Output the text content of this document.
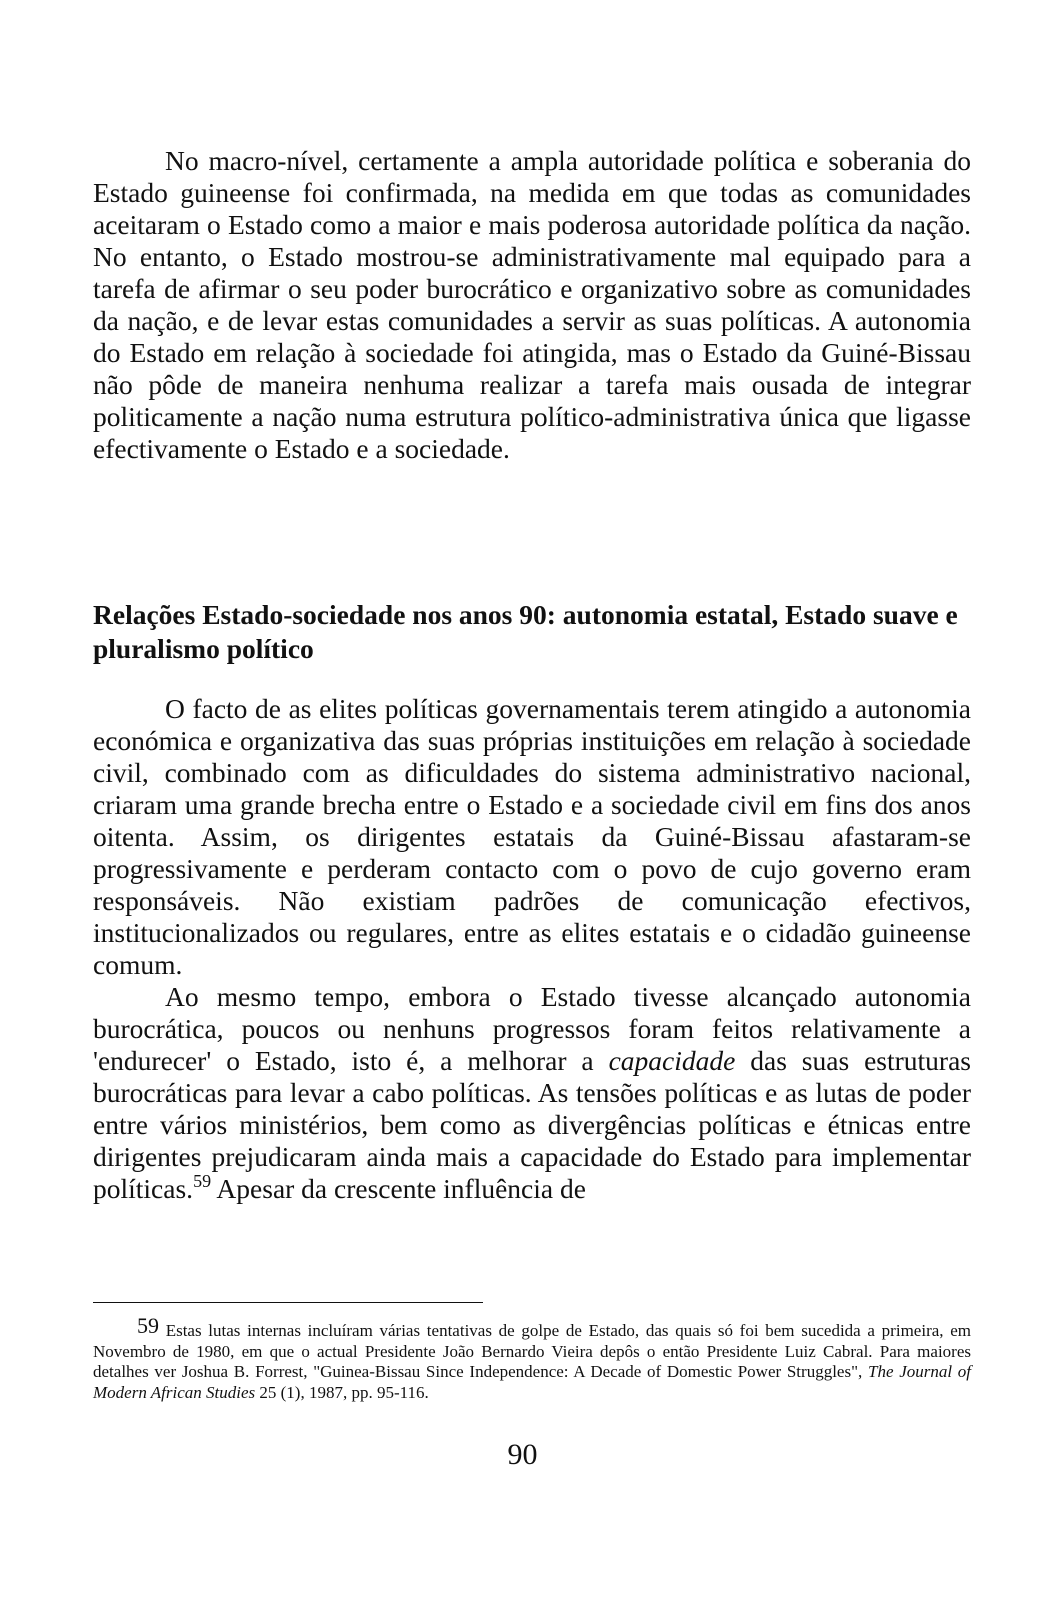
No macro-nível, certamente a ampla autoridade política e soberania do Estado guineense foi confirmada, na medida em que todas as comunidades aceitaram o Estado como a maior e mais poderosa autoridade política da nação. No entanto, o Estado mostrou-se administrativamente mal equipado para a tarefa de afirmar o seu poder burocrático e organizativo sobre as comunidades da nação, e de levar estas comunidades a servir as suas políticas. A autonomia do Estado em relação à sociedade foi atingida, mas o Estado da Guiné-Bissau não pôde de maneira nenhuma realizar a tarefa mais ousada de integrar politicamente a nação numa estrutura político-administrativa única que ligasse efectivamente o Estado e a sociedade.

Relações Estado-sociedade nos anos 90: autonomia estatal, Estado suave e pluralismo político

O facto de as elites políticas governamentais terem atingido a autonomia económica e organizativa das suas próprias instituições em relação à sociedade civil, combinado com as dificuldades do sistema administrativo nacional, criaram uma grande brecha entre o Estado e a sociedade civil em fins dos anos oitenta. Assim, os dirigentes estatais da Guiné-Bissau afastaram-se progressivamente e perderam contacto com o povo de cujo governo eram responsáveis. Não existiam padrões de comunicação efectivos, institucionalizados ou regulares, entre as elites estatais e o cidadão guineense comum.

Ao mesmo tempo, embora o Estado tivesse alcançado autonomia burocrática, poucos ou nenhuns progressos foram feitos relativamente a 'endurecer' o Estado, isto é, a melhorar a capacidade das suas estruturas burocráticas para levar a cabo políticas. As tensões políticas e as lutas de poder entre vários ministérios, bem como as divergências políticas e étnicas entre dirigentes prejudicaram ainda mais a capacidade do Estado para implementar políticas.$^{59}$ Apesar da crescente influência de

59 Estas lutas internas incluíram várias tentativas de golpe de Estado, das quais só foi bem sucedida a primeira, em Novembro de 1980, em que o actual Presidente João Bernardo Vieira depôs o então Presidente Luiz Cabral. Para maiores detalhes ver Joshua B. Forrest, "Guinea-Bissau Since Independence: A Decade of Domestic Power Struggles", The Journal of Modern African Studies 25 (1), 1987, pp. 95-116.

90
